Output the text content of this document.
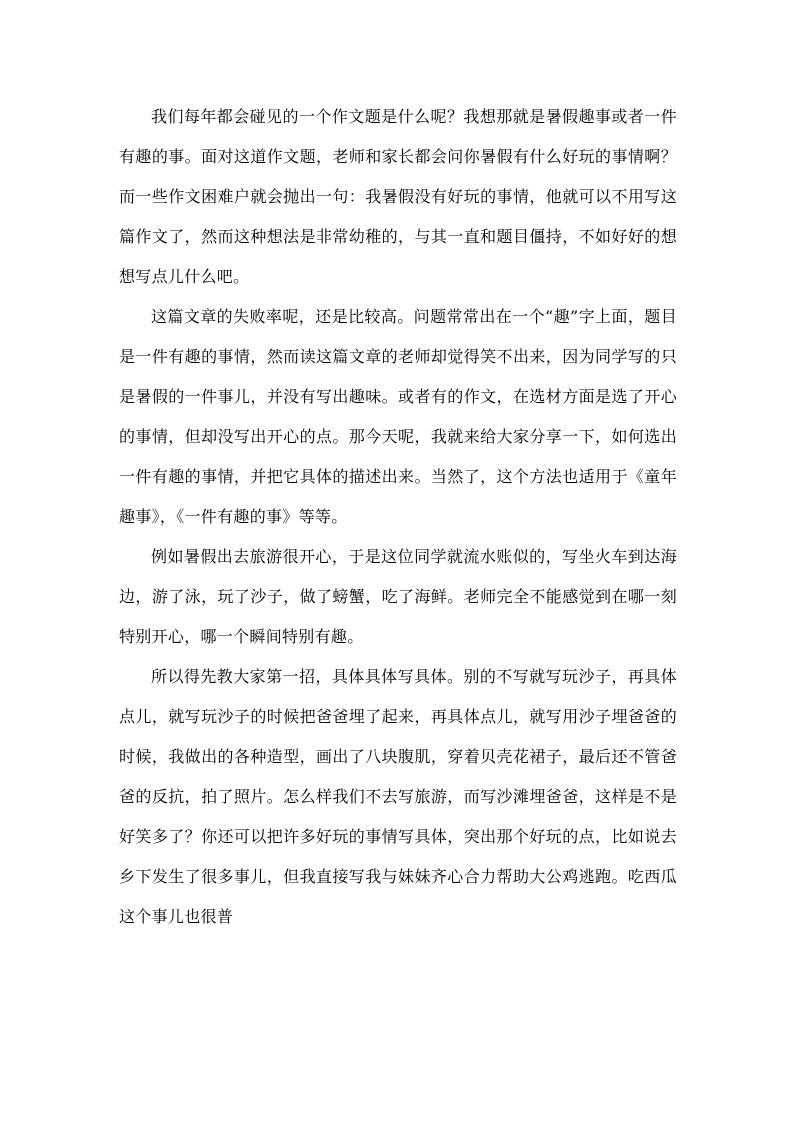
我们每年都会碰见的一个作文题是什么呢？我想那就是暑假趣事或者一件有趣的事。面对这道作文题，老师和家长都会问你暑假有什么好玩的事情啊？而一些作文困难户就会抛出一句：我暑假没有好玩的事情，他就可以不用写这篇作文了，然而这种想法是非常幼稚的，与其一直和题目僵持，不如好好的想想写点儿什么吧。

这篇文章的失败率呢，还是比较高。问题常常出在一个“趣”字上面，题目是一件有趣的事情，然而读这篇文章的老师却觉得笑不出来，因为同学写的只是暑假的一件事儿，并没有写出趣味。或者有的作文，在选材方面是选了开心的事情，但却没写出开心的点。那今天呢，我就来给大家分享一下，如何选出一件有趣的事情，并把它具体的描述出来。当然了，这个方法也适用于《童年趣事》，《一件有趣的事》等等。

例如暑假出去旅游很开心，于是这位同学就流水账似的，写坐火车到达海边，游了泳，玩了沙子，做了螃蟹，吃了海鲜。老师完全不能感觉到在哪一刻特别开心，哪一个瞬间特别有趣。

所以得先教大家第一招，具体具体写具体。别的不写就写玩沙子，再具体点儿，就写玩沙子的时候把爸爸埋了起来，再具体点儿，就写用沙子埋爸爸的时候，我做出的各种造型，画出了八块腹肌，穿着贝壳花裙子，最后还不管爸爸的反抗，拍了照片。怎么样我们不去写旅游，而写沙滩埋爸爸，这样是不是好笑多了？你还可以把许多好玩的事情写具体，突出那个好玩的点，比如说去乡下发生了很多事儿，但我直接写我与妹妹齐心合力帮助大公鸡逃跑。吃西瓜这个事儿也很普
